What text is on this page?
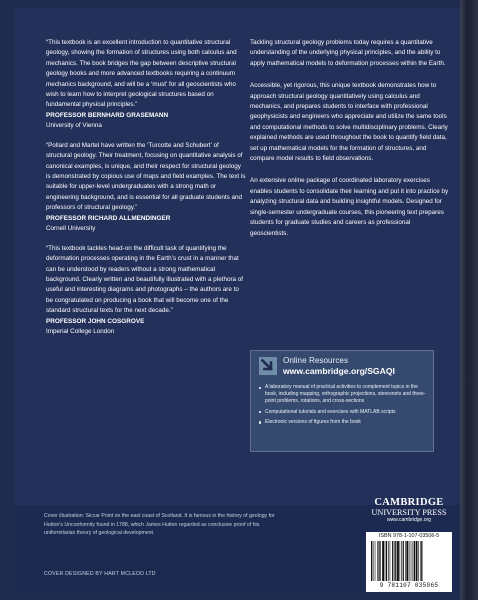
“This textbook is an excellent introduction to quantitative structural geology, showing the formation of structures using both calculus and mechanics. The book bridges the gap between descriptive structural geology books and more advanced textbooks requiring a continuum mechanics background, and will be a ‘must’ for all geoscientists who wish to learn how to interpret geological structures based on fundamental physical principles.”

PROFESSOR BERNHARD GRASEMANN
University of Vienna

“Pollard and Martel have written the ‘Turcotte and Schubert’ of structural geology. Their treatment, focusing on quantitative analysis of canonical examples, is unique, and their respect for structural geology is demonstrated by copious use of maps and field examples. The text is suitable for upper-level undergraduates with a strong math or engineering background, and is essential for all graduate students and professors of structural geology.”

PROFESSOR RICHARD ALLMENDINGER
Cornell University

“This textbook tackles head-on the difficult task of quantifying the deformation processes operating in the Earth’s crust in a manner that can be understood by readers without a strong mathematical background. Clearly written and beautifully illustrated with a plethora of useful and interesting diagrams and photographs – the authors are to be congratulated on producing a book that will become one of the standard structural texts for the next decade.”

PROFESSOR JOHN COSGROVE
Imperial College London

Tackling structural geology problems today requires a quantitative understanding of the underlying physical principles, and the ability to apply mathematical models to deformation processes within the Earth.

Accessible, yet rigorous, this unique textbook demonstrates how to approach structural geology quantitatively using calculus and mechanics, and prepares students to interface with professional geophysicists and engineers who appreciate and utilize the same tools and computational methods to solve multidisciplinary problems. Clearly explained methods are used throughout the book to quantify field data, set up mathematical models for the formation of structures, and compare model results to field observations.

An extensive online package of coordinated laboratory exercises enables students to consolidate their learning and put it into practice by analyzing structural data and building insightful models. Designed for single-semester undergraduate courses, this pioneering text prepares students for graduate studies and careers as professional geoscientists.

Online Resources
www.cambridge.org/SGAQI
A laboratory manual of practical activities to complement topics in the book, including mapping, orthographic projections, stereonets and three-point problems, rotations, and cross-sections
Computational tutorials and exercises with MATLAB scripts
Electronic versions of figures from the book
Cover illustration: Siccar Point on the east coast of Scotland. It is famous in the history of geology for Hutton’s Unconformity found in 1788, which James Hutton regarded as conclusive proof of his uniformitarian theory of geological development.
COVER DESIGNED BY HART MCLEOD LTD
CAMBRIDGE
UNIVERSITY PRESS
www.cambridge.org
ISBN 978-1-107-03506-5
9 781107 035065
